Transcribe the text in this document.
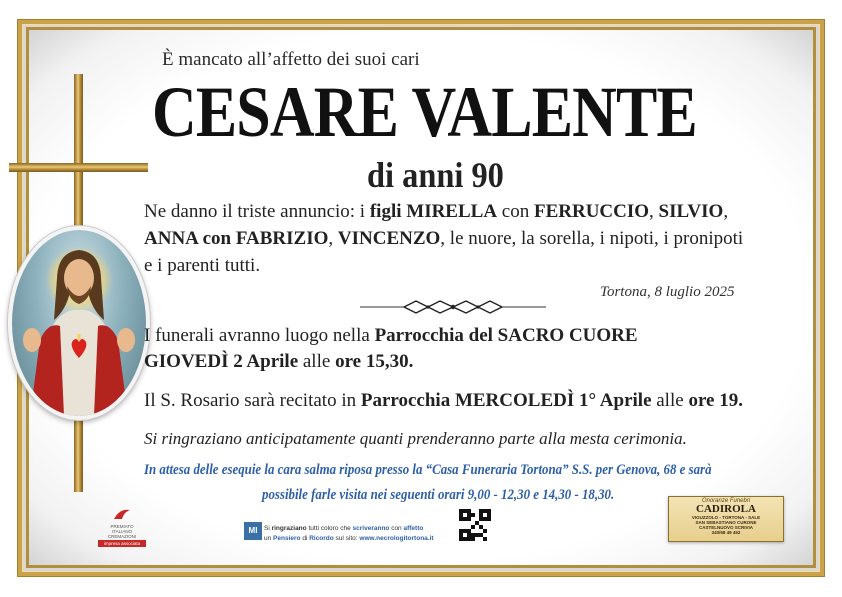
È mancato all’affetto dei suoi cari
CESARE VALENTE
di anni 90
Ne danno il triste annuncio: i figli MIRELLA con FERRUCCIO, SILVIO,
ANNA con FABRIZIO, VINCENZO, le nuore, la sorella, i nipoti, i pronipoti
e i parenti tutti.
Tortona, 8 luglio 2025
I funerali avranno luogo nella Parrocchia del SACRO CUORE
GIOVEDÌ 2 Aprile alle ore 15,30.
Il S. Rosario sarà recitato in Parrocchia MERCOLEDÌ 1° Aprile alle ore 19.
Si ringraziano anticipatamente quanti prenderanno parte alla mesta cerimonia.
In attesa delle esequie la cara salma riposa presso la “Casa Funeraria Tortona” S.S. per Genova, 68 e sarà
possibile farle visita nei seguenti orari 9,00 - 12,30 e 14,30 - 18,30.
PREMIATO
ITALIANO
CREMAZIONI
impresa associata
MI	Si ringraziano tutti coloro che scriveranno con affetto
un Pensiero di Ricordo sul sito: www.necrologitortona.it
Onoranze Funebri
CADIROLA
VIGUZZOLO - TORTONA - SALE
SAN SEBASTIANO CURONE
CASTELNUOVO SCRIVIA
340/68 49 452
